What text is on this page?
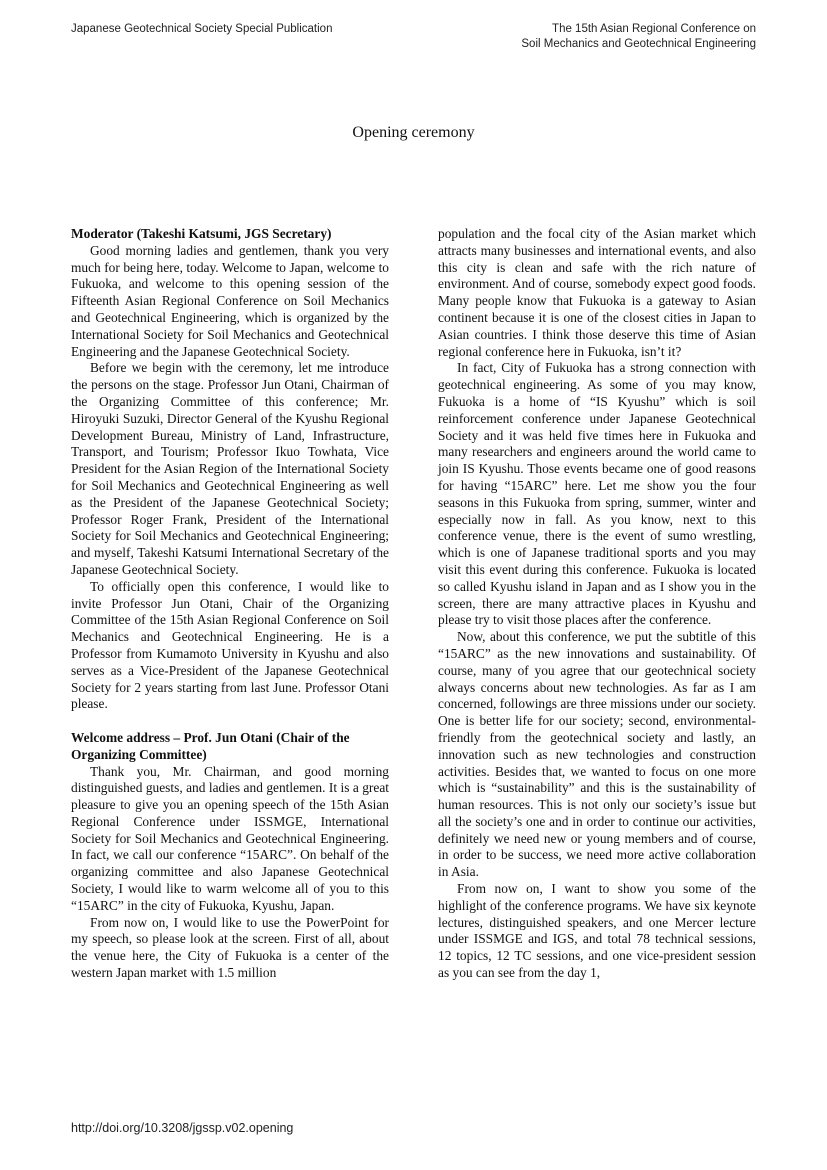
Japanese Geotechnical Society Special Publication	The 15th Asian Regional Conference on
Soil Mechanics and Geotechnical Engineering
Opening ceremony
Moderator (Takeshi Katsumi, JGS Secretary)

Good morning ladies and gentlemen, thank you very much for being here, today. Welcome to Japan, welcome to Fukuoka, and welcome to this opening session of the Fifteenth Asian Regional Conference on Soil Mechanics and Geotechnical Engineering, which is organized by the International Society for Soil Mechanics and Geotechnical Engineering and the Japanese Geotechnical Society.

Before we begin with the ceremony, let me introduce the persons on the stage. Professor Jun Otani, Chairman of the Organizing Committee of this conference; Mr. Hiroyuki Suzuki, Director General of the Kyushu Regional Development Bureau, Ministry of Land, Infrastructure, Transport, and Tourism; Professor Ikuo Towhata, Vice President for the Asian Region of the International Society for Soil Mechanics and Geotechnical Engineering as well as the President of the Japanese Geotechnical Society; Professor Roger Frank, President of the International Society for Soil Mechanics and Geotechnical Engineering; and myself, Takeshi Katsumi International Secretary of the Japanese Geotechnical Society.

To officially open this conference, I would like to invite Professor Jun Otani, Chair of the Organizing Committee of the 15th Asian Regional Conference on Soil Mechanics and Geotechnical Engineering. He is a Professor from Kumamoto University in Kyushu and also serves as a Vice-President of the Japanese Geotechnical Society for 2 years starting from last June. Professor Otani please.

Welcome address – Prof. Jun Otani (Chair of the Organizing Committee)

Thank you, Mr. Chairman, and good morning distinguished guests, and ladies and gentlemen. It is a great pleasure to give you an opening speech of the 15th Asian Regional Conference under ISSMGE, International Society for Soil Mechanics and Geotechnical Engineering. In fact, we call our conference “15ARC”. On behalf of the organizing committee and also Japanese Geotechnical Society, I would like to warm welcome all of you to this “15ARC” in the city of Fukuoka, Kyushu, Japan.

From now on, I would like to use the PowerPoint for my speech, so please look at the screen. First of all, about the venue here, the City of Fukuoka is a center of the western Japan market with 1.5 million

population and the focal city of the Asian market which attracts many businesses and international events, and also this city is clean and safe with the rich nature of environment. And of course, somebody expect good foods. Many people know that Fukuoka is a gateway to Asian continent because it is one of the closest cities in Japan to Asian countries. I think those deserve this time of Asian regional conference here in Fukuoka, isn’t it?

In fact, City of Fukuoka has a strong connection with geotechnical engineering. As some of you may know, Fukuoka is a home of “IS Kyushu” which is soil reinforcement conference under Japanese Geotechnical Society and it was held five times here in Fukuoka and many researchers and engineers around the world came to join IS Kyushu. Those events became one of good reasons for having “15ARC” here. Let me show you the four seasons in this Fukuoka from spring, summer, winter and especially now in fall. As you know, next to this conference venue, there is the event of sumo wrestling, which is one of Japanese traditional sports and you may visit this event during this conference. Fukuoka is located so called Kyushu island in Japan and as I show you in the screen, there are many attractive places in Kyushu and please try to visit those places after the conference.

Now, about this conference, we put the subtitle of this “15ARC” as the new innovations and sustainability. Of course, many of you agree that our geotechnical society always concerns about new technologies. As far as I am concerned, followings are three missions under our society. One is better life for our society; second, environmental-friendly from the geotechnical society and lastly, an innovation such as new technologies and construction activities. Besides that, we wanted to focus on one more which is “sustainability” and this is the sustainability of human resources. This is not only our society’s issue but all the society’s one and in order to continue our activities, definitely we need new or young members and of course, in order to be success, we need more active collaboration in Asia.

From now on, I want to show you some of the highlight of the conference programs. We have six keynote lectures, distinguished speakers, and one Mercer lecture under ISSMGE and IGS, and total 78 technical sessions, 12 topics, 12 TC sessions, and one vice-president session as you can see from the day 1,

http://doi.org/10.3208/jgssp.v02.opening
